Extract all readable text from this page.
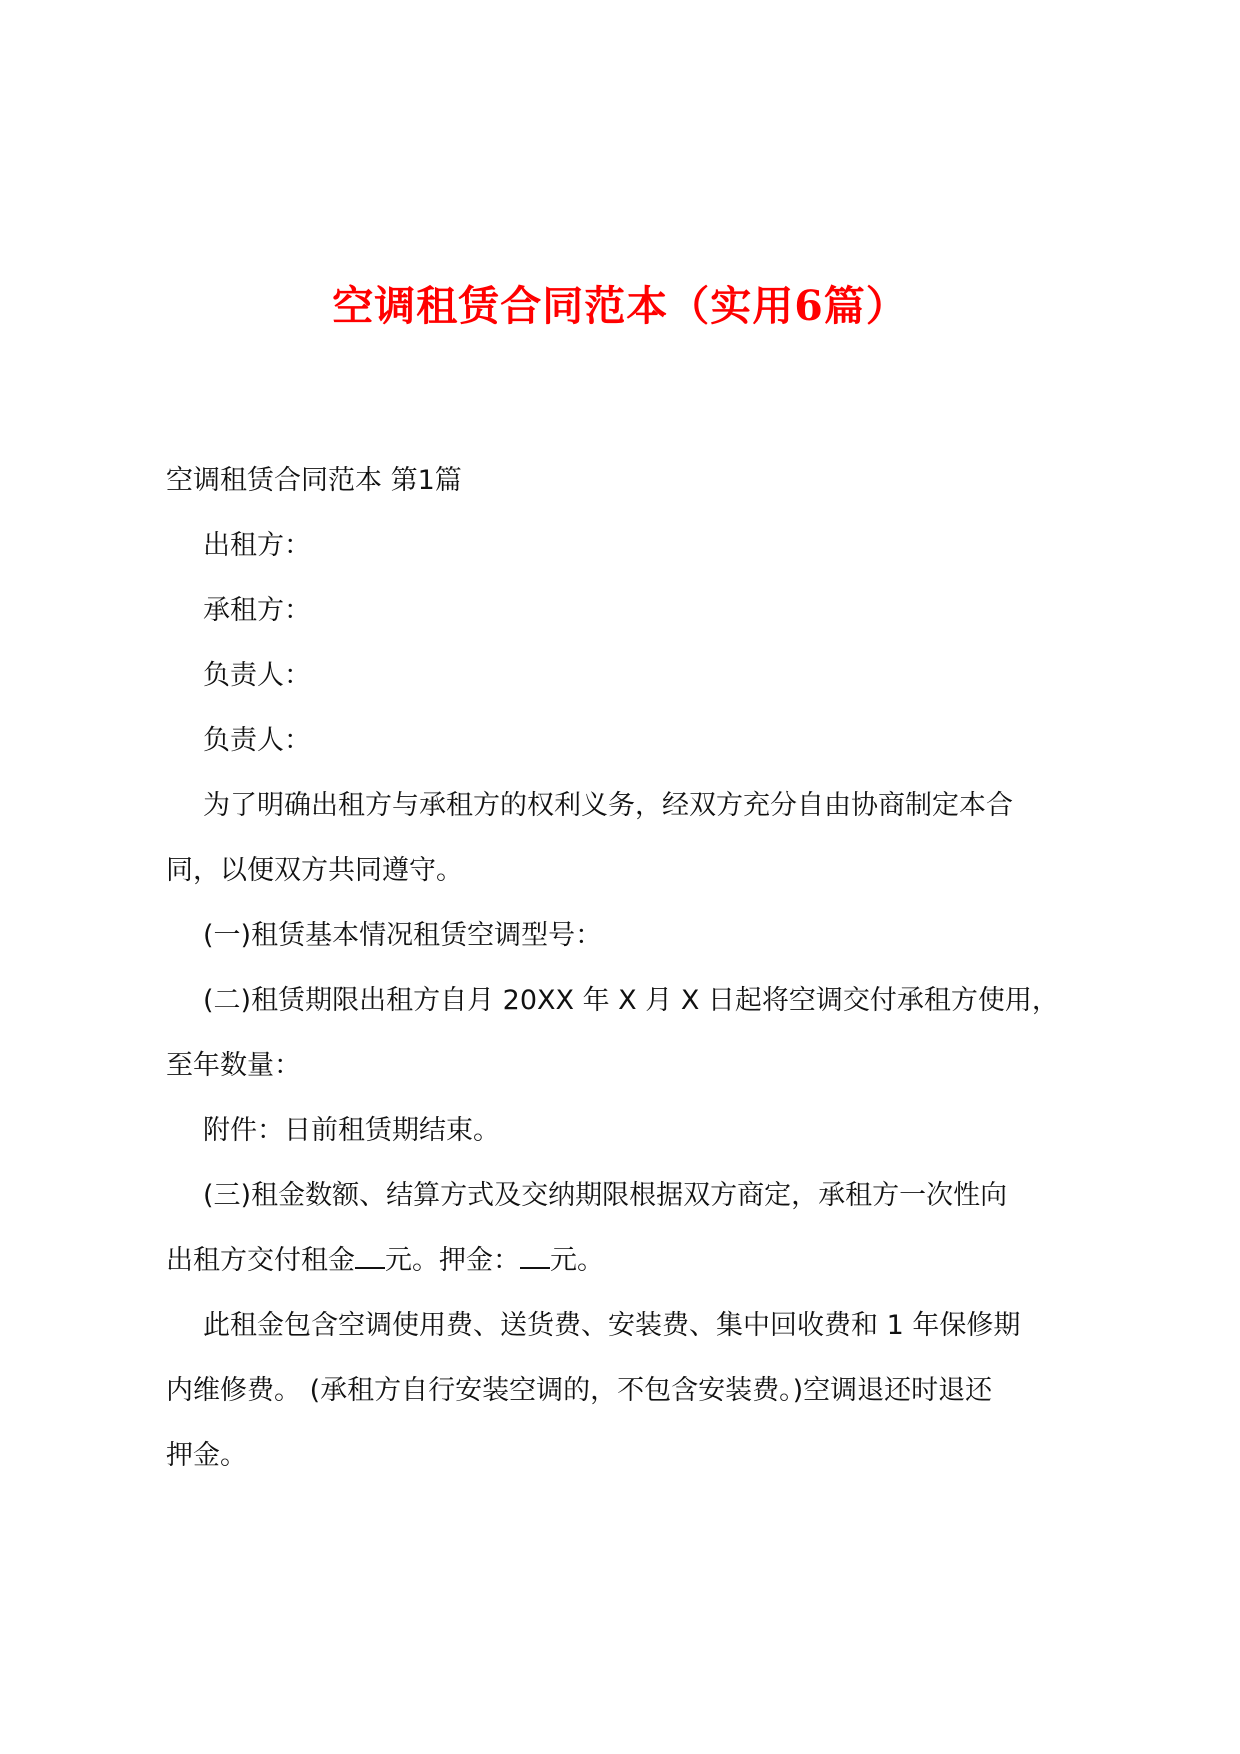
空调租赁合同范本（实用6篇）
空调租赁合同范本 第1篇
出租方：
承租方：
负责人：
负责人：
为了明确出租方与承租方的权利义务，经双方充分自由协商制定本合
同，以便双方共同遵守。
(一)租赁基本情况租赁空调型号：
(二)租赁期限出租方自月 20XX 年 X 月 X 日起将空调交付承租方使用，
至年数量：
附件：日前租赁期结束。
(三)租金数额、结算方式及交纳期限根据双方商定，承租方一次性向
出租方交付租金 元。押金： 元。
此租金包含空调使用费、送货费、安装费、集中回收费和 1 年保修期
内维修费。 (承租方自行安装空调的，不包含安装费。)空调退还时退还
押金。
